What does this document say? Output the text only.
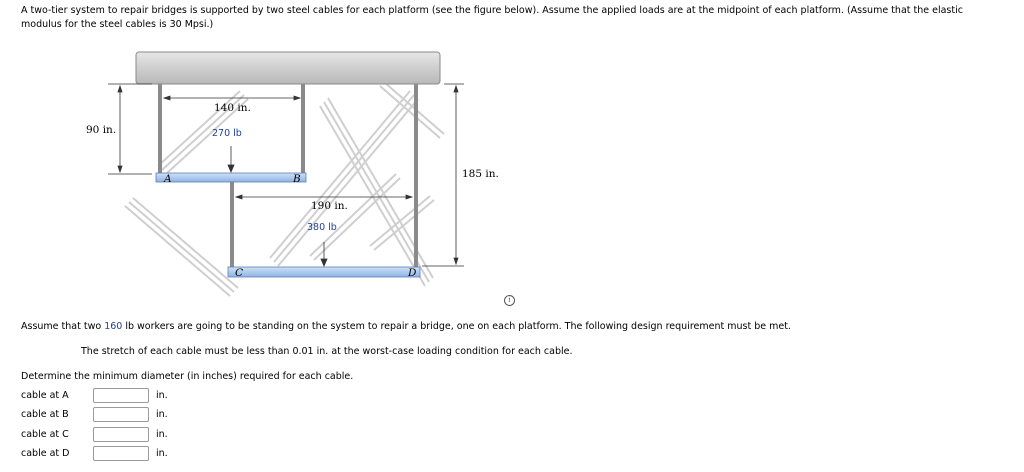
A two-tier system to repair bridges is supported by two steel cables for each platform (see the figure below). Assume the applied loads are at the midpoint of each platform. (Assume that the elastic
modulus for the steel cables is 30 Mpsi.)
140 in.
90 in.
185 in.
190 in.
270 lb
380 lb
A	B
C	D
i
Assume that two 160 lb workers are going to be standing on the system to repair a bridge, one on each platform. The following design requirement must be met.
The stretch of each cable must be less than 0.01 in. at the worst-case loading condition for each cable.
Determine the minimum diameter (in inches) required for each cable.
cable at A	in.
cable at B	in.
cable at C	in.
cable at D	in.
